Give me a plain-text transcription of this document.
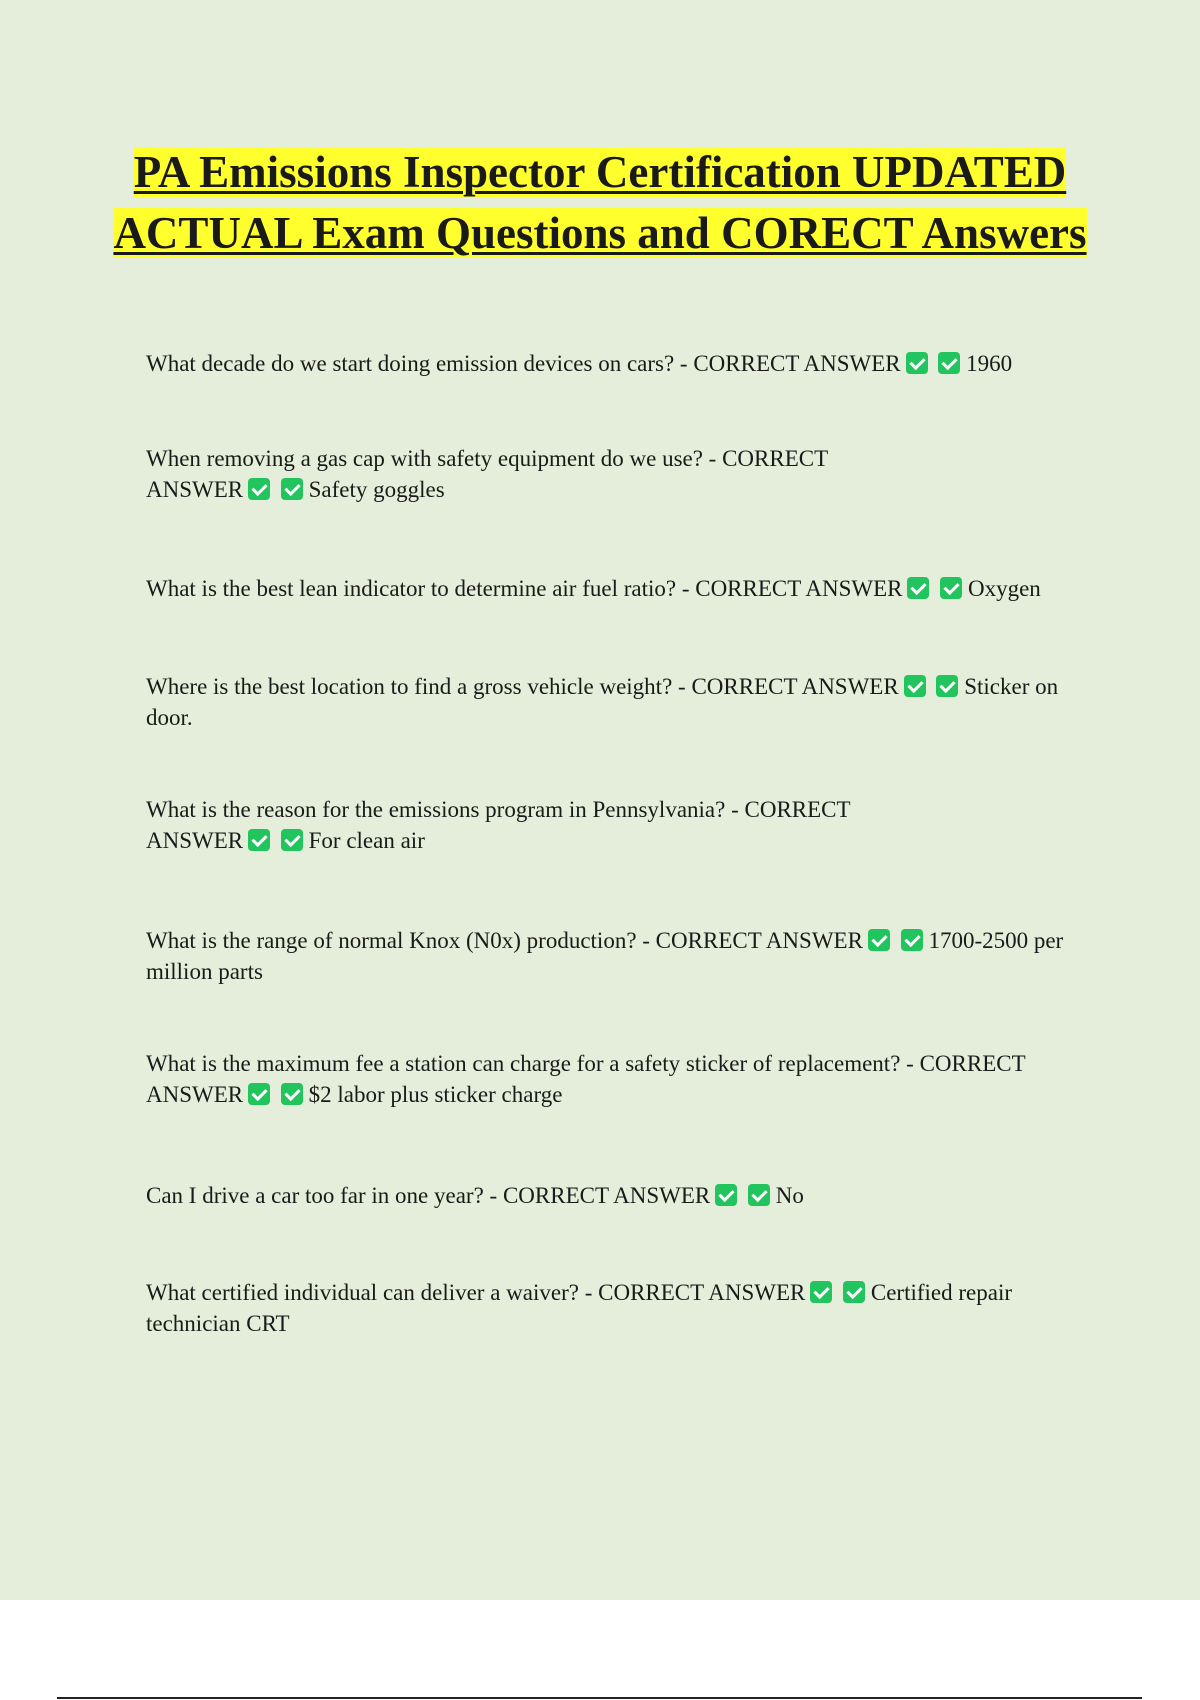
PA Emissions Inspector Certification UPDATED ACTUAL Exam Questions and CORECT Answers
What decade do we start doing emission devices on cars? - CORRECT ANSWER	1960
When removing a gas cap with safety equipment do we use? - CORRECT ANSWER	Safety goggles
What is the best lean indicator to determine air fuel ratio? - CORRECT ANSWER	Oxygen
Where is the best location to find a gross vehicle weight? - CORRECT ANSWER	Sticker on door.
What is the reason for the emissions program in Pennsylvania? - CORRECT ANSWER	For clean air
What is the range of normal Knox (N0x) production? - CORRECT ANSWER	1700-2500 per million parts
What is the maximum fee a station can charge for a safety sticker of replacement? - CORRECT ANSWER	$2 labor plus sticker charge
Can I drive a car too far in one year? - CORRECT ANSWER	No
What certified individual can deliver a waiver? - CORRECT ANSWER	Certified repair technician CRT
